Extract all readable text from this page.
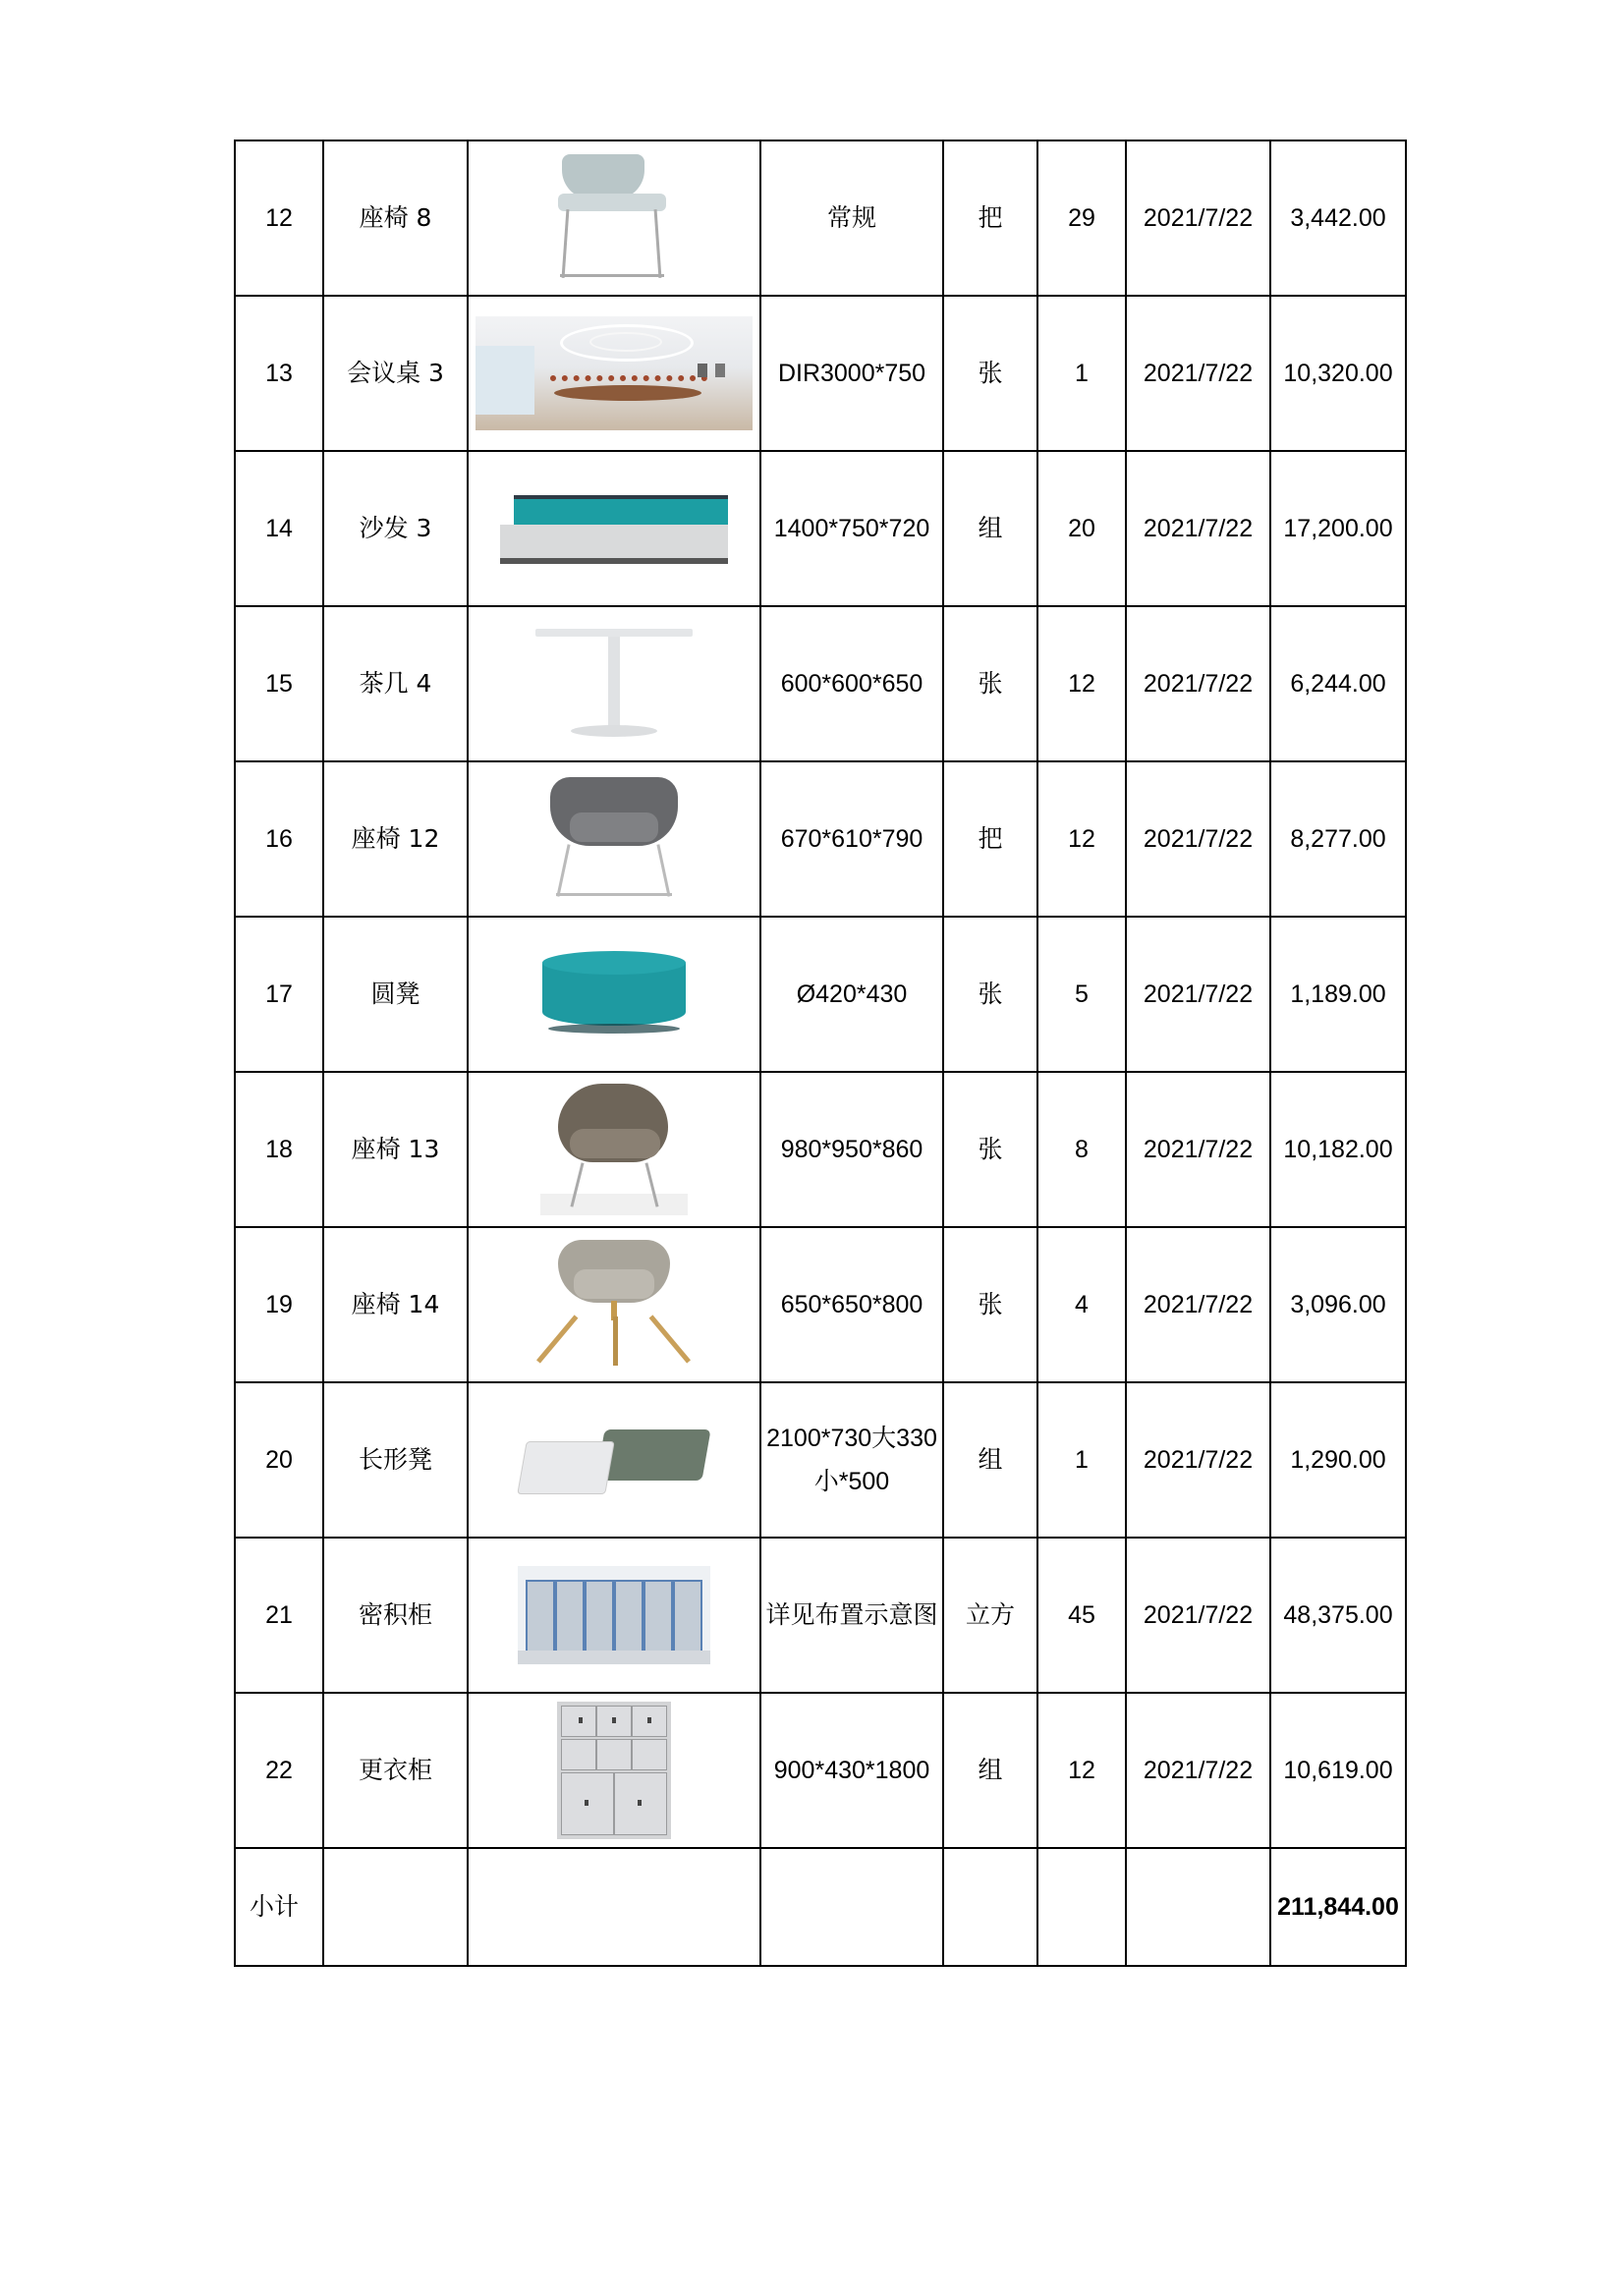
12	座椅 8		常规	把	29	2021/7/22	3,442.00
13	会议桌 3		DIR3000*750	张	1	2021/7/22	10,320.00
14	沙发 3		1400*750*720	组	20	2021/7/22	17,200.00
15	茶几 4		600*600*650	张	12	2021/7/22	6,244.00
16	座椅 12		670*610*790	把	12	2021/7/22	8,277.00
17	圆凳		Ø420*430	张	5	2021/7/22	1,189.00
18	座椅 13		980*950*860	张	8	2021/7/22	10,182.00
19	座椅 14		650*650*800	张	4	2021/7/22	3,096.00
20	长形凳		2100*730大330小*500	组	1	2021/7/22	1,290.00
21	密积柜		详见布置示意图	立方	45	2021/7/22	48,375.00
22	更衣柜		900*430*1800	组	12	2021/7/22	10,619.00
小计							211,844.00
